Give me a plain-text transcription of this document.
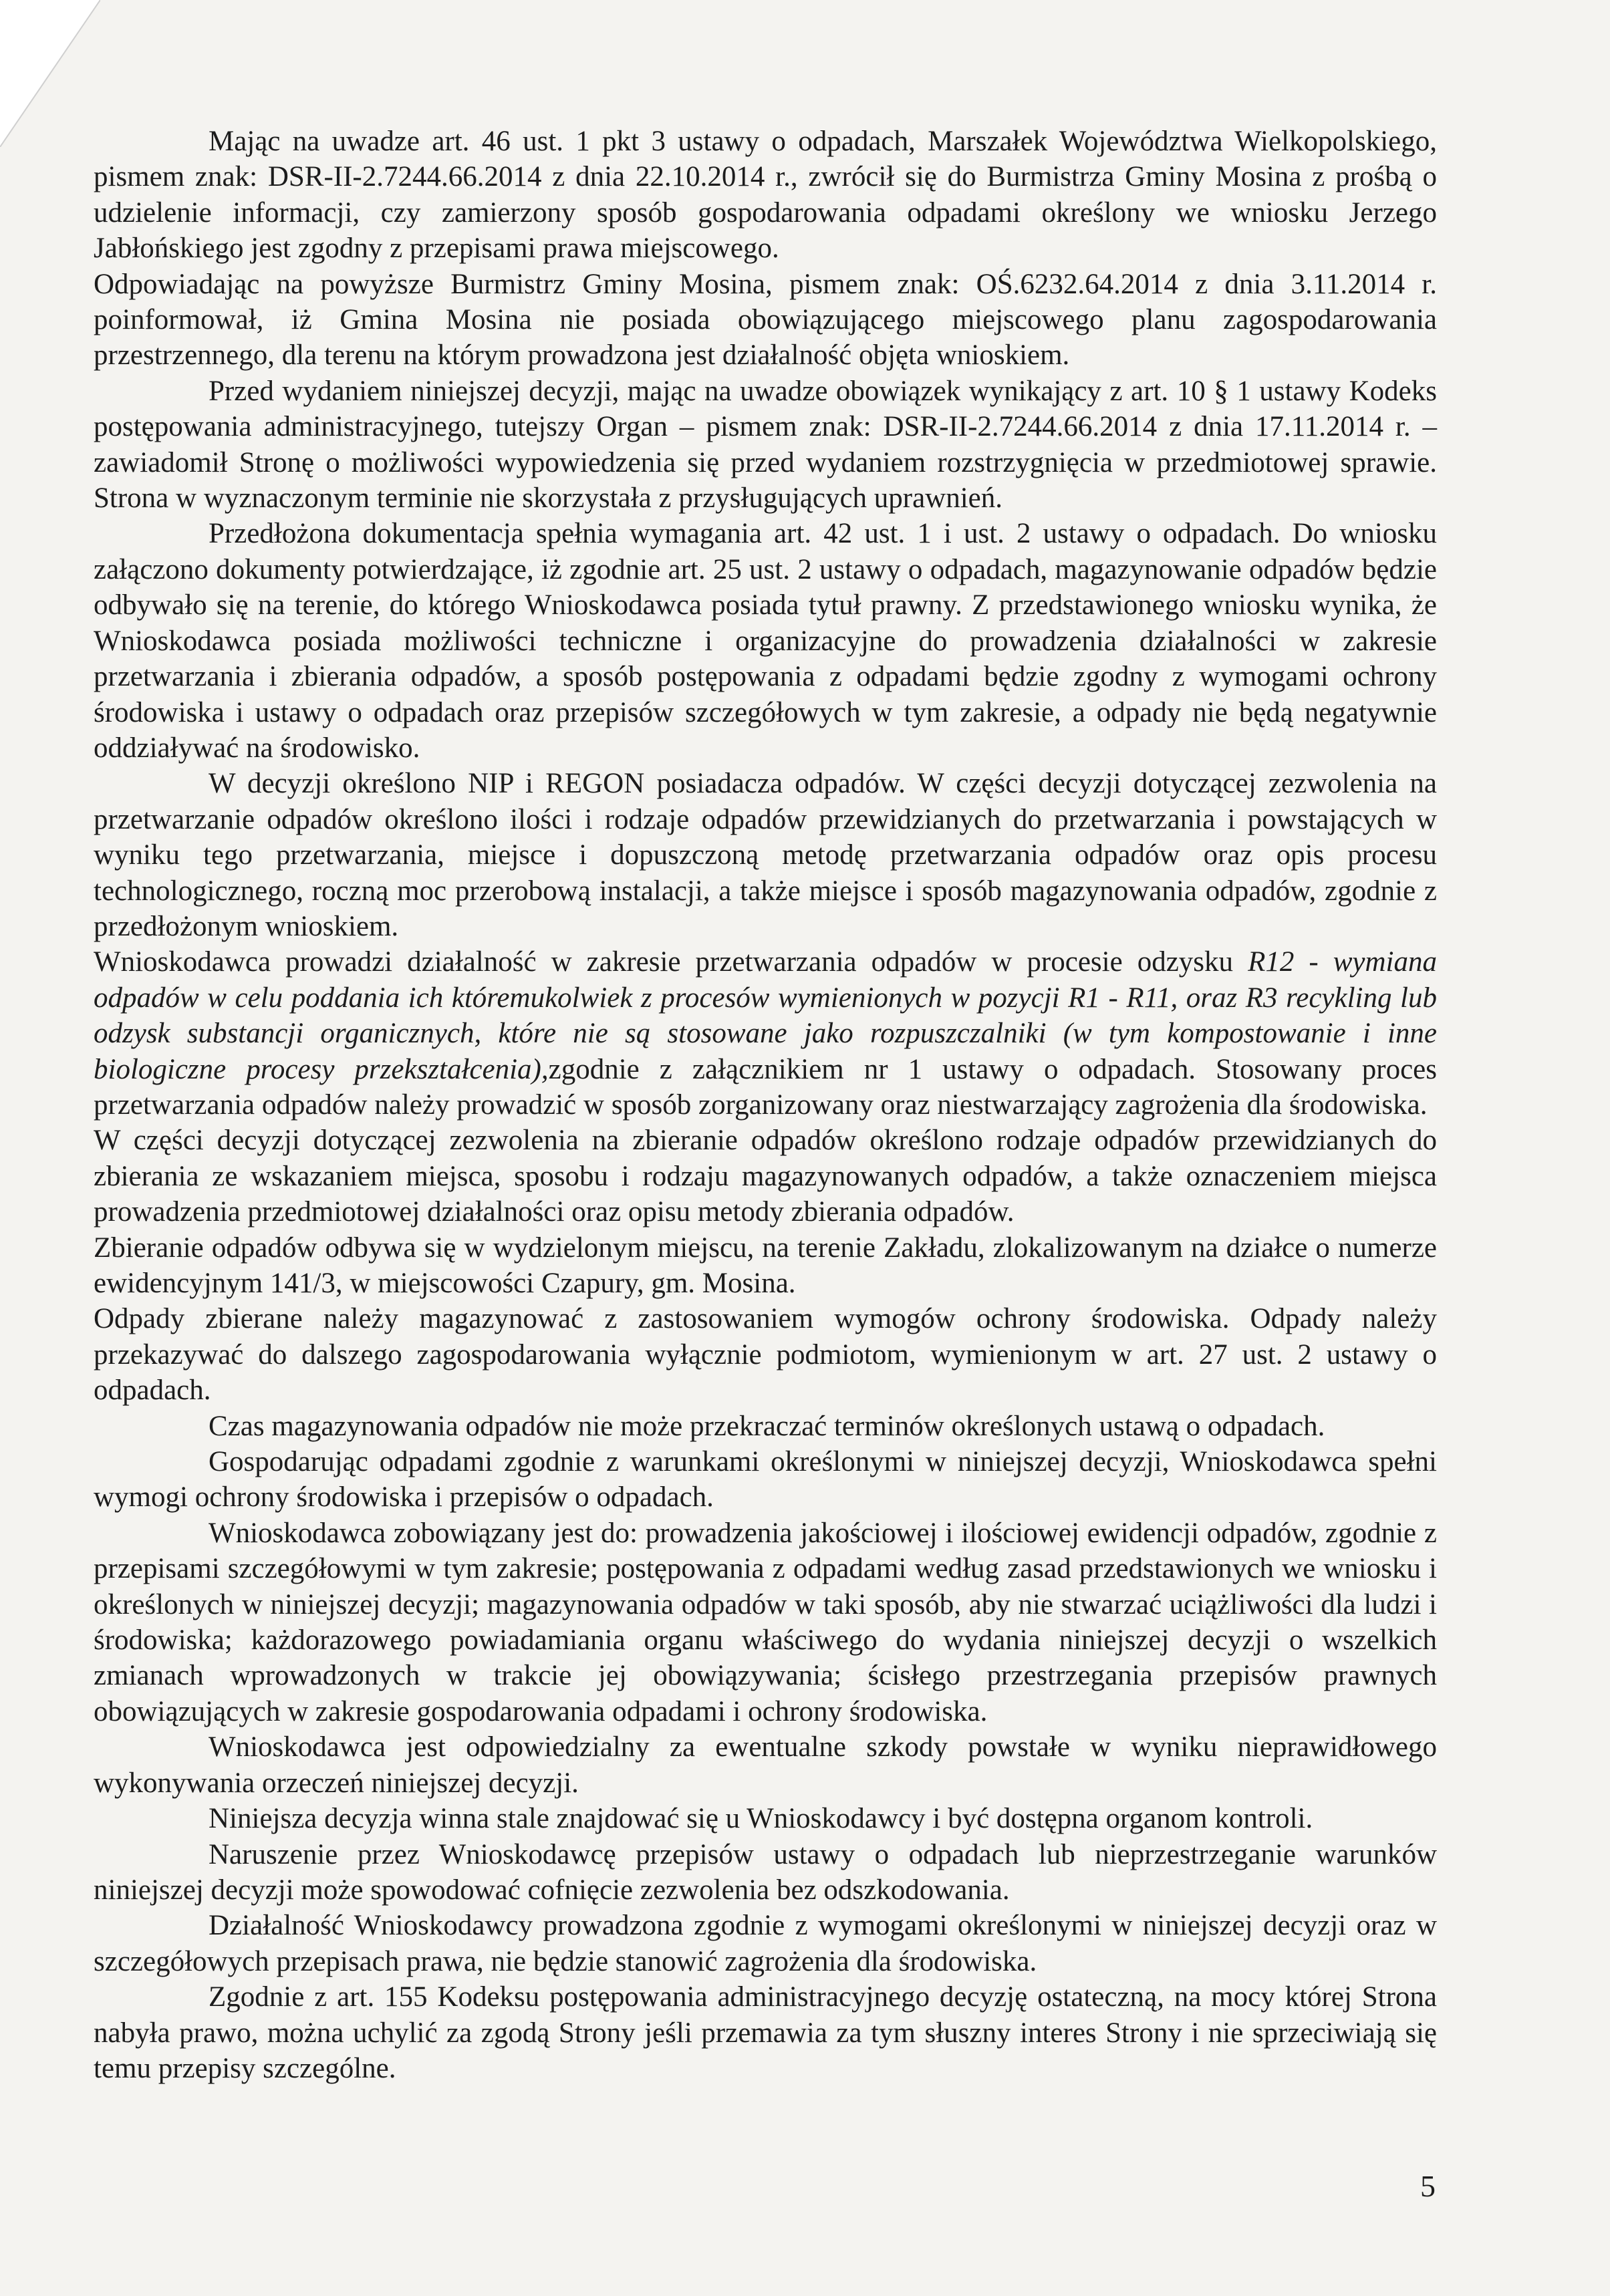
Mając na uwadze art. 46 ust. 1 pkt 3 ustawy o odpadach, Marszałek Województwa Wielkopolskiego, pismem znak: DSR-II-2.7244.66.2014 z dnia 22.10.2014 r., zwrócił się do Burmistrza Gminy Mosina z prośbą o udzielenie informacji, czy zamierzony sposób gospodarowania odpadami określony we wniosku Jerzego Jabłońskiego jest zgodny z przepisami prawa miejscowego.

Odpowiadając na powyższe Burmistrz Gminy Mosina, pismem znak: OŚ.6232.64.2014 z dnia 3.11.2014 r. poinformował, iż Gmina Mosina nie posiada obowiązującego miejscowego planu zagospodarowania przestrzennego, dla terenu na którym prowadzona jest działalność objęta wnioskiem.

Przed wydaniem niniejszej decyzji, mając na uwadze obowiązek wynikający z art. 10 § 1 ustawy Kodeks postępowania administracyjnego, tutejszy Organ – pismem znak: DSR-II-2.7244.66.2014 z dnia 17.11.2014 r. – zawiadomił Stronę o możliwości wypowiedzenia się przed wydaniem rozstrzygnięcia w przedmiotowej sprawie. Strona w wyznaczonym terminie nie skorzystała z przysługujących uprawnień.

Przedłożona dokumentacja spełnia wymagania art. 42 ust. 1 i ust. 2 ustawy o odpadach. Do wniosku załączono dokumenty potwierdzające, iż zgodnie art. 25 ust. 2 ustawy o odpadach, magazynowanie odpadów będzie odbywało się na terenie, do którego Wnioskodawca posiada tytuł prawny. Z przedstawionego wniosku wynika, że Wnioskodawca posiada możliwości techniczne i organizacyjne do prowadzenia działalności w zakresie przetwarzania i zbierania odpadów, a sposób postępowania z odpadami będzie zgodny z wymogami ochrony środowiska i ustawy o odpadach oraz przepisów szczegółowych w tym zakresie, a odpady nie będą negatywnie oddziaływać na środowisko.

W decyzji określono NIP i REGON posiadacza odpadów. W części decyzji dotyczącej zezwolenia na przetwarzanie odpadów określono ilości i rodzaje odpadów przewidzianych do przetwarzania i powstających w wyniku tego przetwarzania, miejsce i dopuszczoną metodę przetwarzania odpadów oraz opis procesu technologicznego, roczną moc przerobową instalacji, a także miejsce i sposób magazynowania odpadów, zgodnie z przedłożonym wnioskiem.

Wnioskodawca prowadzi działalność w zakresie przetwarzania odpadów w procesie odzysku R12 - wymiana odpadów w celu poddania ich któremukolwiek z procesów wymienionych w pozycji R1 - R11, oraz R3 recykling lub odzysk substancji organicznych, które nie są stosowane jako rozpuszczalniki (w tym kompostowanie i inne biologiczne procesy przekształcenia),zgodnie z załącznikiem nr 1 ustawy o odpadach. Stosowany proces przetwarzania odpadów należy prowadzić w sposób zorganizowany oraz niestwarzający zagrożenia dla środowiska.

W części decyzji dotyczącej zezwolenia na zbieranie odpadów określono rodzaje odpadów przewidzianych do zbierania ze wskazaniem miejsca, sposobu i rodzaju magazynowanych odpadów, a także oznaczeniem miejsca prowadzenia przedmiotowej działalności oraz opisu metody zbierania odpadów.

Zbieranie odpadów odbywa się w wydzielonym miejscu, na terenie Zakładu, zlokalizowanym na działce o numerze ewidencyjnym 141/3, w miejscowości Czapury, gm. Mosina.

Odpady zbierane należy magazynować z zastosowaniem wymogów ochrony środowiska. Odpady należy przekazywać do dalszego zagospodarowania wyłącznie podmiotom, wymienionym w art. 27 ust. 2 ustawy o odpadach.

Czas magazynowania odpadów nie może przekraczać terminów określonych ustawą o odpadach.

Gospodarując odpadami zgodnie z warunkami określonymi w niniejszej decyzji, Wnioskodawca spełni wymogi ochrony środowiska i przepisów o odpadach.

Wnioskodawca zobowiązany jest do: prowadzenia jakościowej i ilościowej ewidencji odpadów, zgodnie z przepisami szczegółowymi w tym zakresie; postępowania z odpadami według zasad przedstawionych we wniosku i określonych w niniejszej decyzji; magazynowania odpadów w taki sposób, aby nie stwarzać uciążliwości dla ludzi i środowiska; każdorazowego powiadamiania organu właściwego do wydania niniejszej decyzji o wszelkich zmianach wprowadzonych w trakcie jej obowiązywania; ścisłego przestrzegania przepisów prawnych obowiązujących w zakresie gospodarowania odpadami i ochrony środowiska.

Wnioskodawca jest odpowiedzialny za ewentualne szkody powstałe w wyniku nieprawidłowego wykonywania orzeczeń niniejszej decyzji.

Niniejsza decyzja winna stale znajdować się u Wnioskodawcy i być dostępna organom kontroli.

Naruszenie przez Wnioskodawcę przepisów ustawy o odpadach lub nieprzestrzeganie warunków niniejszej decyzji może spowodować cofnięcie zezwolenia bez odszkodowania.

Działalność Wnioskodawcy prowadzona zgodnie z wymogami określonymi w niniejszej decyzji oraz w szczegółowych przepisach prawa, nie będzie stanowić zagrożenia dla środowiska.

Zgodnie z art. 155 Kodeksu postępowania administracyjnego decyzję ostateczną, na mocy której Strona nabyła prawo, można uchylić za zgodą Strony jeśli przemawia za tym słuszny interes Strony i nie sprzeciwiają się temu przepisy szczególne.

5
